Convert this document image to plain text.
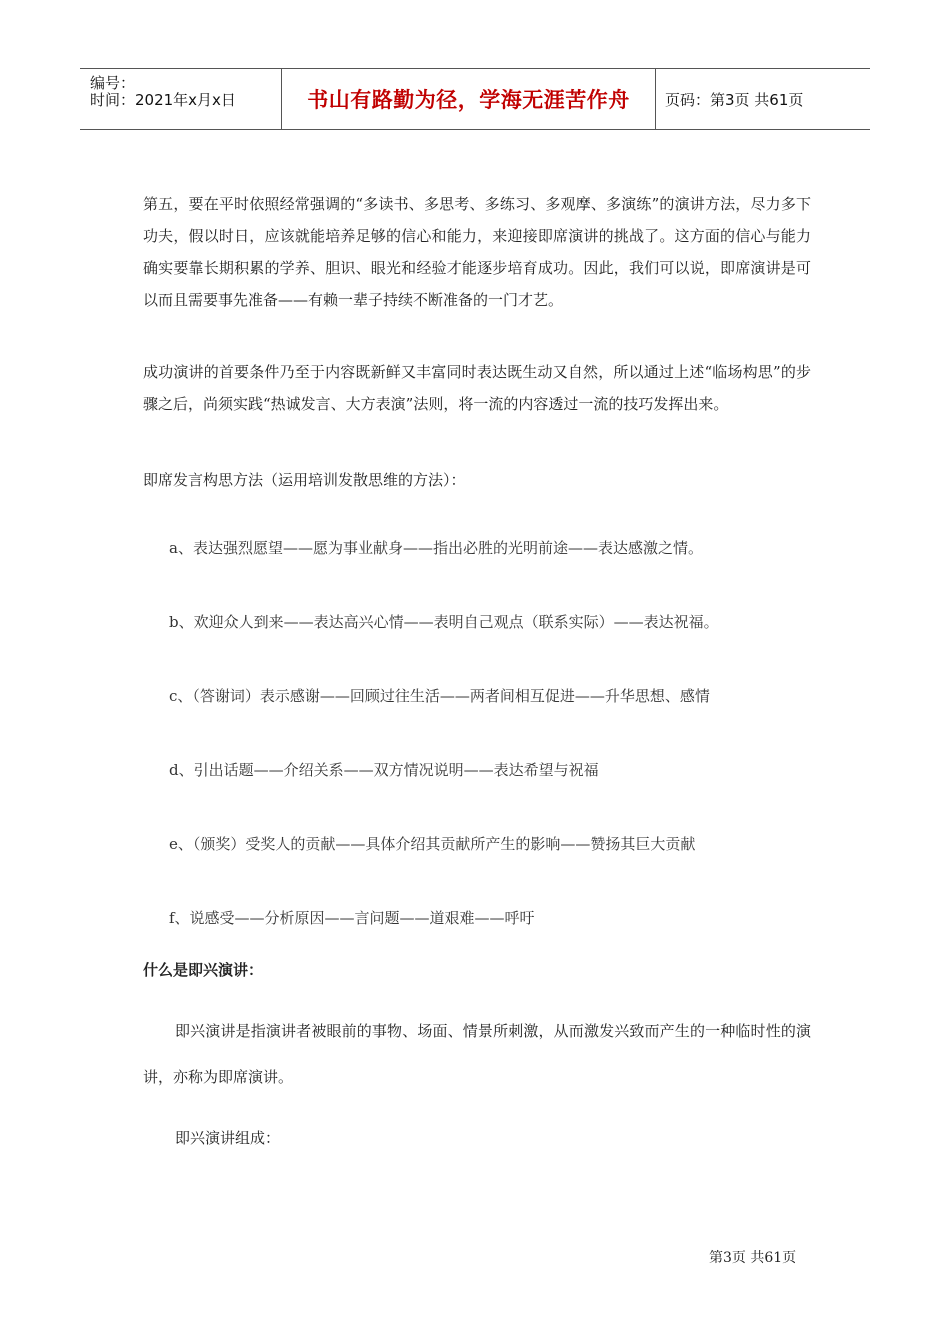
编号：
时间：2021年x月x日	书山有路勤为径，学海无涯苦作舟	页码：第3页 共61页

第五，要在平时依照经常强调的“多读书、多思考、多练习、多观摩、多演练”的演讲方法，尽力多下功夫，假以时日，应该就能培养足够的信心和能力，来迎接即席演讲的挑战了。这方面的信心与能力确实要靠长期积累的学养、胆识、眼光和经验才能逐步培育成功。因此，我们可以说，即席演讲是可以而且需要事先准备——有赖一辈子持续不断准备的一门才艺。

成功演讲的首要条件乃至于内容既新鲜又丰富同时表达既生动又自然，所以通过上述“临场构思”的步骤之后，尚须实践“热诚发言、大方表演”法则，将一流的内容透过一流的技巧发挥出来。

即席发言构思方法（运用培训发散思维的方法）：

a、表达强烈愿望——愿为事业献身——指出必胜的光明前途——表达感激之情。

b、欢迎众人到来——表达高兴心情——表明自己观点（联系实际）——表达祝福。

c、（答谢词）表示感谢——回顾过往生活——两者间相互促进——升华思想、感情

d、引出话题——介绍关系——双方情况说明——表达希望与祝福

e、（颁奖）受奖人的贡献——具体介绍其贡献所产生的影响——赞扬其巨大贡献

f、说感受——分析原因——言问题——道艰难——呼吁

什么是即兴演讲：

即兴演讲是指演讲者被眼前的事物、场面、情景所刺激，从而激发兴致而产生的一种临时性的演讲，亦称为即席演讲。

即兴演讲组成：

第3页 共61页
